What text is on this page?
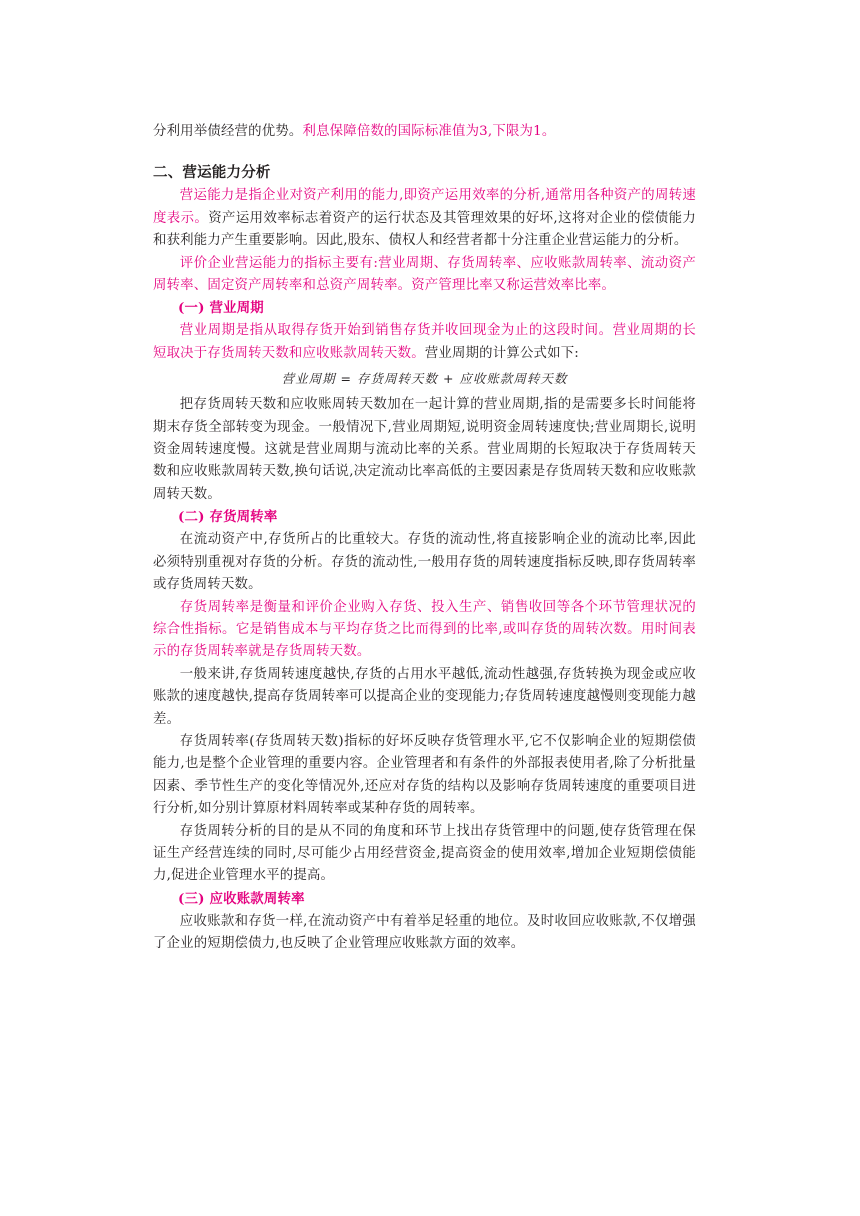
分利用举债经营的优势。利息保障倍数的国际标准值为3,下限为1。

二、营运能力分析

营运能力是指企业对资产利用的能力,即资产运用效率的分析,通常用各种资产的周转速度表示。资产运用效率标志着资产的运行状态及其管理效果的好坏,这将对企业的偿债能力和获利能力产生重要影响。因此,股东、债权人和经营者都十分注重企业营运能力的分析。

评价企业营运能力的指标主要有:营业周期、存货周转率、应收账款周转率、流动资产周转率、固定资产周转率和总资产周转率。资产管理比率又称运营效率比率。

(一) 营业周期

营业周期是指从取得存货开始到销售存货并收回现金为止的这段时间。营业周期的长短取决于存货周转天数和应收账款周转天数。营业周期的计算公式如下:

营业周期 = 存货周转天数 + 应收账款周转天数

把存货周转天数和应收账周转天数加在一起计算的营业周期,指的是需要多长时间能将期末存货全部转变为现金。一般情况下,营业周期短,说明资金周转速度快;营业周期长,说明资金周转速度慢。这就是营业周期与流动比率的关系。营业周期的长短取决于存货周转天数和应收账款周转天数,换句话说,决定流动比率高低的主要因素是存货周转天数和应收账款周转天数。

(二) 存货周转率

在流动资产中,存货所占的比重较大。存货的流动性,将直接影响企业的流动比率,因此必须特别重视对存货的分析。存货的流动性,一般用存货的周转速度指标反映,即存货周转率或存货周转天数。

存货周转率是衡量和评价企业购入存货、投入生产、销售收回等各个环节管理状况的综合性指标。它是销售成本与平均存货之比而得到的比率,或叫存货的周转次数。用时间表示的存货周转率就是存货周转天数。

一般来讲,存货周转速度越快,存货的占用水平越低,流动性越强,存货转换为现金或应收账款的速度越快,提高存货周转率可以提高企业的变现能力;存货周转速度越慢则变现能力越差。

存货周转率(存货周转天数)指标的好坏反映存货管理水平,它不仅影响企业的短期偿债能力,也是整个企业管理的重要内容。企业管理者和有条件的外部报表使用者,除了分析批量因素、季节性生产的变化等情况外,还应对存货的结构以及影响存货周转速度的重要项目进行分析,如分别计算原材料周转率或某种存货的周转率。

存货周转分析的目的是从不同的角度和环节上找出存货管理中的问题,使存货管理在保证生产经营连续的同时,尽可能少占用经营资金,提高资金的使用效率,增加企业短期偿债能力,促进企业管理水平的提高。

(三) 应收账款周转率

应收账款和存货一样,在流动资产中有着举足轻重的地位。及时收回应收账款,不仅增强了企业的短期偿债力,也反映了企业管理应收账款方面的效率。
